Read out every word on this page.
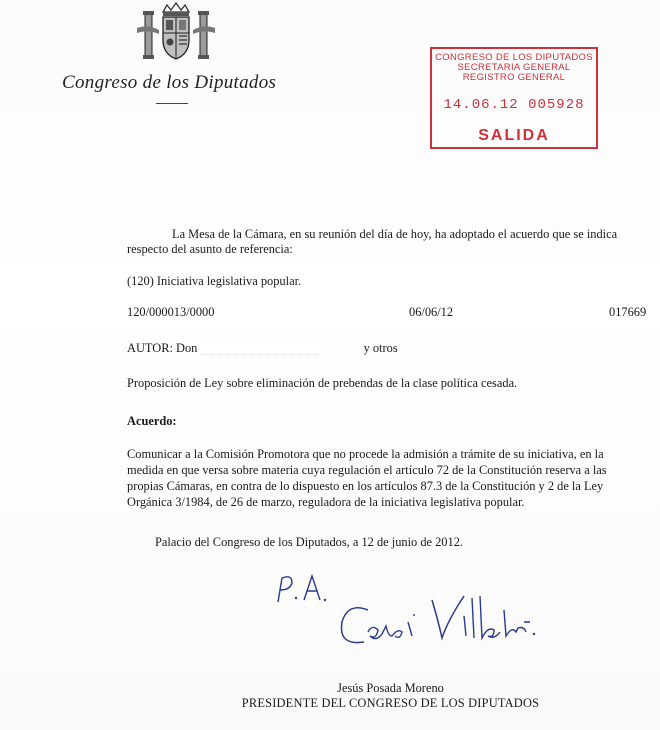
Congreso de los Diputados
CONGRESO DE LOS DIPUTADOS
SECRETARIA GENERAL
REGISTRO GENERAL
14.06.12 005928
SALIDA
La Mesa de la Cámara, en su reunión del día de hoy, ha adoptado el acuerdo que se indica
respecto del asunto de referencia:
(120) Iniciativa legislativa popular.
120/000013/0000	06/06/12	017669
AUTOR: Don	y otros
Proposición de Ley sobre eliminación de prebendas de la clase política cesada.
Acuerdo:
Comunicar a la Comisión Promotora que no procede la admisión a trámite de su iniciativa, en la
medida en que versa sobre materia cuya regulación el artículo 72 de la Constitución reserva a las
propias Cámaras, en contra de lo dispuesto en los artículos 87.3 de la Constitución y 2 de la Ley
Orgánica 3/1984, de 26 de marzo, reguladora de la iniciativa legislativa popular.
Palacio del Congreso de los Diputados, a 12 de junio de 2012.
Jesús Posada Moreno
PRESIDENTE DEL CONGRESO DE LOS DIPUTADOS
